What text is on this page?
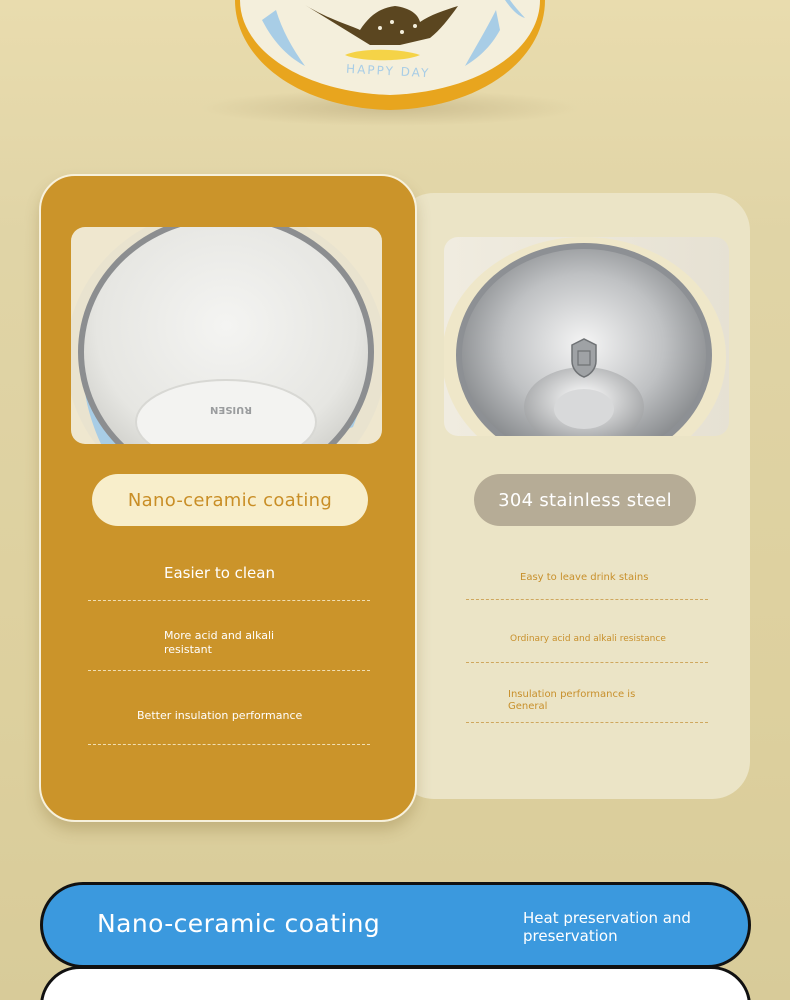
HAPPY DAY
304 stainless steel
Easy to leave drink stains
Ordinary acid and alkali resistance
Insulation performance is General
RUISEN
Nano-ceramic coating
Easier to clean
More acid and alkali resistant
Better insulation performance
Nano-ceramic coating	Heat preservation and preservation
